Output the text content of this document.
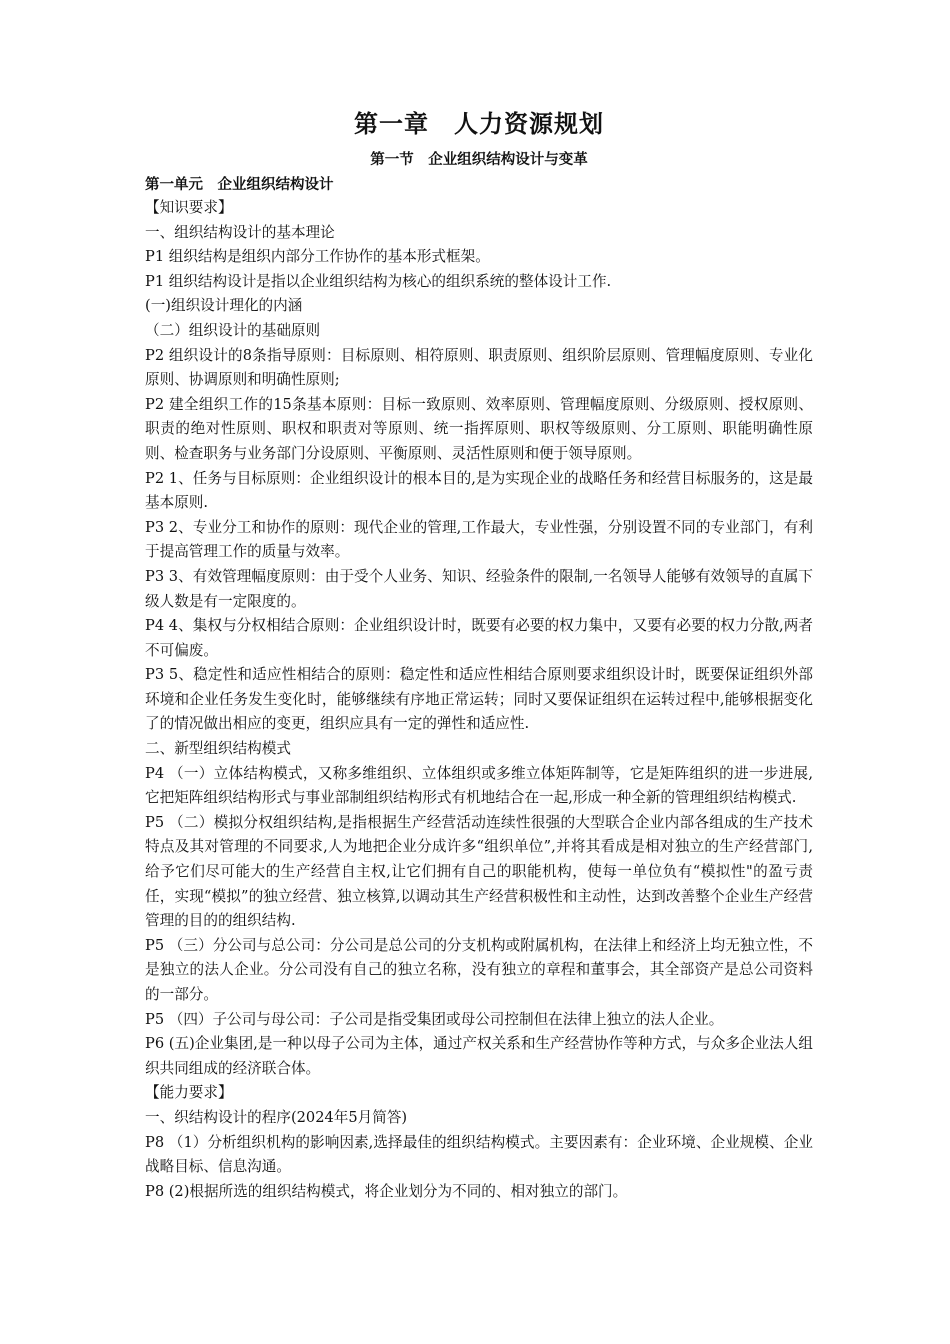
第一章　人力资源规划
第一节　企业组织结构设计与变革
第一单元　企业组织结构设计

【知识要求】

一、组织结构设计的基本理论

P1 组织结构是组织内部分工作协作的基本形式框架。

P1 组织结构设计是指以企业组织结构为核心的组织系统的整体设计工作.

(一)组织设计理化的内涵

（二）组织设计的基础原则

P2 组织设计的8条指导原则：目标原则、相符原则、职责原则、组织阶层原则、管理幅度原则、专业化原则、协调原则和明确性原则;

P2 建全组织工作的15条基本原则：目标一致原则、效率原则、管理幅度原则、分级原则、授权原则、职责的绝对性原则、职权和职责对等原则、统一指挥原则、职权等级原则、分工原则、职能明确性原则、检查职务与业务部门分设原则、平衡原则、灵活性原则和便于领导原则。

P2 1、任务与目标原则：企业组织设计的根本目的,是为实现企业的战略任务和经营目标服务的，这是最基本原则.

P3 2、专业分工和协作的原则：现代企业的管理,工作最大，专业性强，分别设置不同的专业部门，有利于提高管理工作的质量与效率。

P3 3、有效管理幅度原则：由于受个人业务、知识、经验条件的限制,一名领导人能够有效领导的直属下级人数是有一定限度的。

P4 4、集权与分权相结合原则：企业组织设计时，既要有必要的权力集中，又要有必要的权力分散,两者不可偏废。

P3 5、稳定性和适应性相结合的原则：稳定性和适应性相结合原则要求组织设计时，既要保证组织外部环境和企业任务发生变化时，能够继续有序地正常运转；同时又要保证组织在运转过程中,能够根据变化了的情况做出相应的变更，组织应具有一定的弹性和适应性.

二、新型组织结构模式

P4 （一）立体结构模式，又称多维组织、立体组织或多维立体矩阵制等，它是矩阵组织的进一步进展,它把矩阵组织结构形式与事业部制组织结构形式有机地结合在一起,形成一种全新的管理组织结构模式.

P5 （二）模拟分权组织结构,是指根据生产经营活动连续性很强的大型联合企业内部各组成的生产技术特点及其对管理的不同要求,人为地把企业分成许多“组织单位”,并将其看成是相对独立的生产经营部门,给予它们尽可能大的生产经营自主权,让它们拥有自己的职能机构，使每一单位负有“模拟性"的盈亏责任，实现“模拟”的独立经营、独立核算,以调动其生产经营积极性和主动性，达到改善整个企业生产经营管理的目的的组织结构.

P5 （三）分公司与总公司：分公司是总公司的分支机构或附属机构，在法律上和经济上均无独立性，不是独立的法人企业。分公司没有自己的独立名称，没有独立的章程和董事会，其全部资产是总公司资料的一部分。

P5 （四）子公司与母公司：子公司是指受集团或母公司控制但在法律上独立的法人企业。

P6 (五)企业集团,是一种以母子公司为主体，通过产权关系和生产经营协作等种方式，与众多企业法人组织共同组成的经济联合体。

【能力要求】

一、织结构设计的程序(2024年5月简答)

P8 （1）分析组织机构的影响因素,选择最佳的组织结构模式。主要因素有：企业环境、企业规模、企业战略目标、信息沟通。

P8 (2)根据所选的组织结构模式，将企业划分为不同的、相对独立的部门。
